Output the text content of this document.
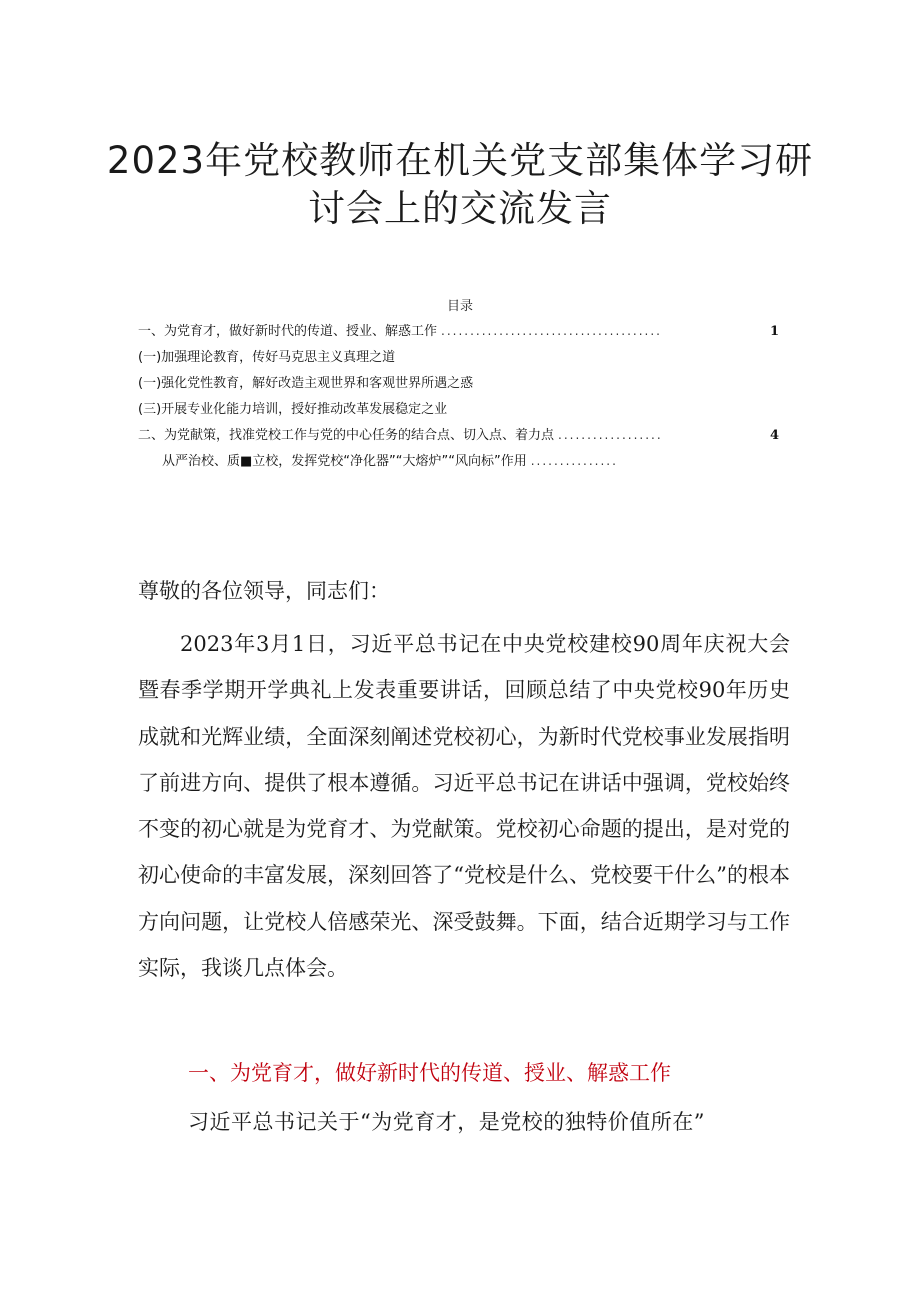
2023年党校教师在机关党支部集体学习研
讨会上的交流发言
目录
一、为党育才，做好新时代的传道、授业、解惑工作 ......................................	1
(一)加强理论教育，传好马克思主义真理之道
(一)强化党性教育，解好改造主观世界和客观世界所遇之惑
(三)开展专业化能力培训，授好推动改革发展稳定之业
二、为党献策，找准党校工作与党的中心任务的结合点、切入点、着力点 ..................	4
从严治校、质■立校，发挥党校“净化器”“大熔炉”“风向标”作用 ...............
尊敬的各位领导，同志们：
2023年3月1日，习近平总书记在中央党校建校90周年庆祝大会暨春季学期开学典礼上发表重要讲话，回顾总结了中央党校90年历史成就和光辉业绩，全面深刻阐述党校初心，为新时代党校事业发展指明了前进方向、提供了根本遵循。习近平总书记在讲话中强调，党校始终不变的初心就是为党育才、为党献策。党校初心命题的提出，是对党的初心使命的丰富发展，深刻回答了“党校是什么、党校要干什么”的根本方向问题，让党校人倍感荣光、深受鼓舞。下面，结合近期学习与工作实际，我谈几点体会。
一、为党育才，做好新时代的传道、授业、解惑工作
习近平总书记关于“为党育才，是党校的独特价值所在”
